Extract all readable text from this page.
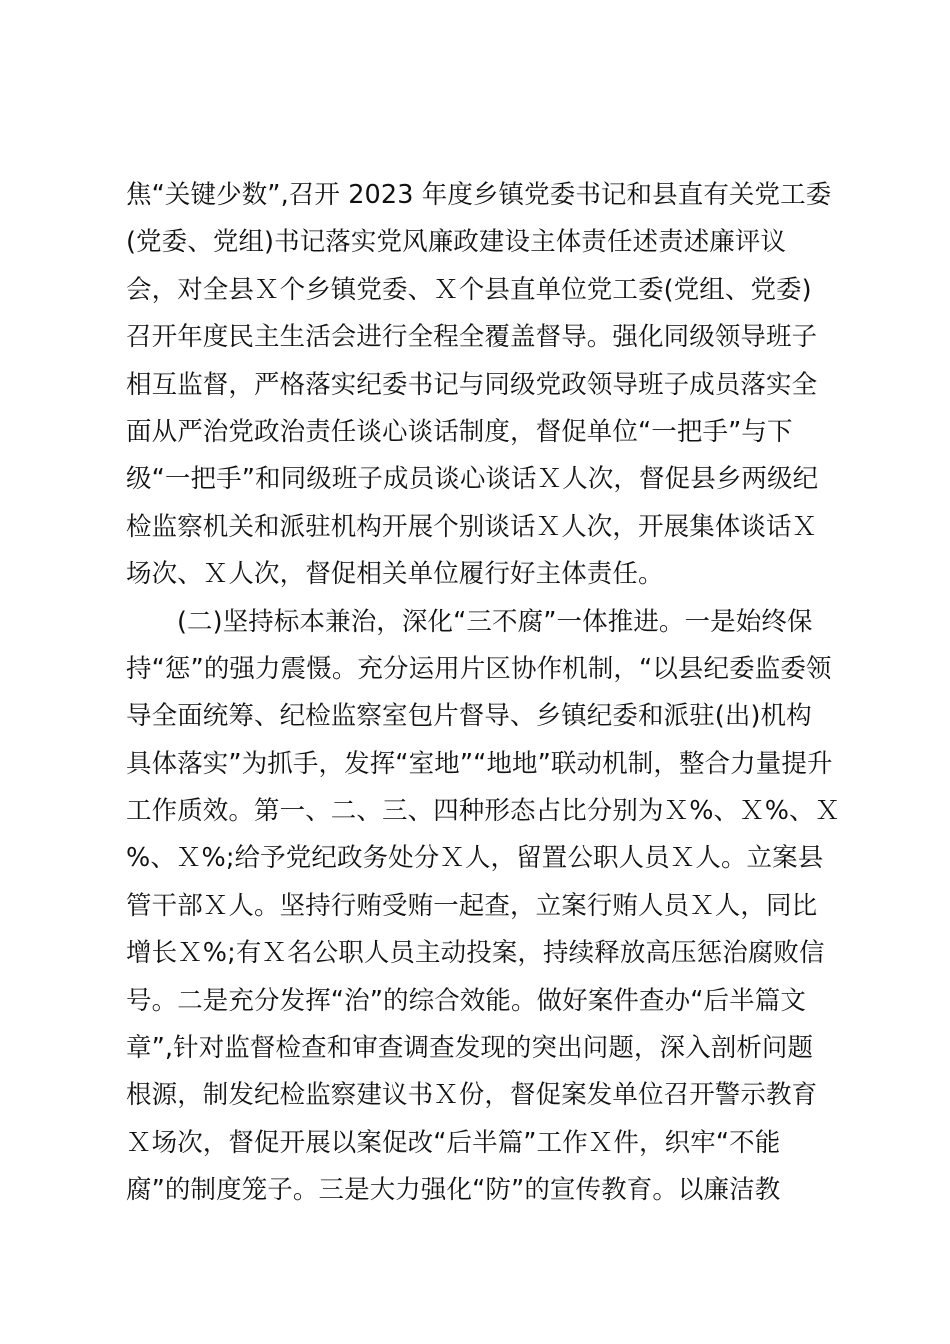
焦“关键少数”,召开 2023 年度乡镇党委书记和县直有关党工委
(党委、党组)书记落实党风廉政建设主体责任述责述廉评议
会，对全县Ｘ个乡镇党委、Ｘ个县直单位党工委(党组、党委)
召开年度民主生活会进行全程全覆盖督导。强化同级领导班子
相互监督，严格落实纪委书记与同级党政领导班子成员落实全
面从严治党政治责任谈心谈话制度，督促单位“一把手”与下
级“一把手”和同级班子成员谈心谈话Ｘ人次，督促县乡两级纪
检监察机关和派驻机构开展个别谈话Ｘ人次，开展集体谈话Ｘ
场次、Ｘ人次，督促相关单位履行好主体责任。
(二)坚持标本兼治，深化“三不腐”一体推进。一是始终保
持“惩”的强力震慑。充分运用片区协作机制，“以县纪委监委领
导全面统筹、纪检监察室包片督导、乡镇纪委和派驻(出)机构
具体落实”为抓手，发挥“室地”“地地”联动机制，整合力量提升
工作质效。第一、二、三、四种形态占比分别为Ｘ%、Ｘ%、Ｘ
%、Ｘ%;给予党纪政务处分Ｘ人，留置公职人员Ｘ人。立案县
管干部Ｘ人。坚持行贿受贿一起查，立案行贿人员Ｘ人，同比
增长Ｘ%;有Ｘ名公职人员主动投案，持续释放高压惩治腐败信
号。二是充分发挥“治”的综合效能。做好案件查办“后半篇文
章”,针对监督检查和审查调查发现的突出问题，深入剖析问题
根源，制发纪检监察建议书Ｘ份，督促案发单位召开警示教育
Ｘ场次，督促开展以案促改“后半篇”工作Ｘ件，织牢“不能
腐”的制度笼子。三是大力强化“防”的宣传教育。以廉洁教
